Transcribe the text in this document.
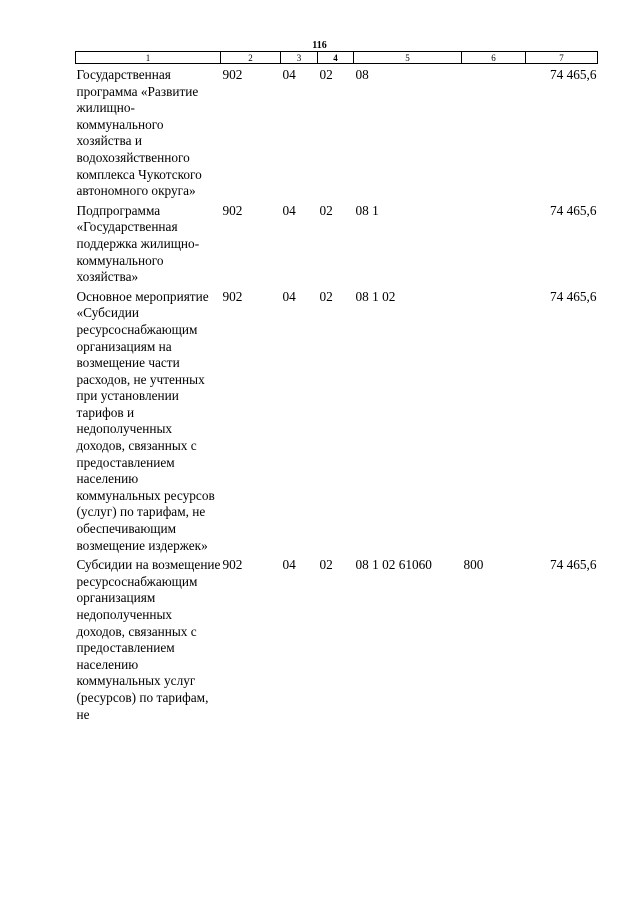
116
1	2	3	4	5	6	7
Государственная программа «Развитие жилищно-коммунального хозяйства и водохозяйственного комплекса Чукотского автономного округа»	902	04	02	08		74 465,6
Подпрограмма «Государственная поддержка жилищно-коммунального хозяйства»	902	04	02	08 1		74 465,6
Основное мероприятие «Субсидии ресурсоснабжающим организациям на возмещение части расходов, не учтенных при установлении тарифов и недополученных доходов, связанных с предоставлением населению коммунальных ресурсов (услуг) по тарифам, не обеспечивающим возмещение издержек»	902	04	02	08 1 02		74 465,6
Субсидии на возмещение ресурсоснабжающим организациям недополученных доходов, связанных с предоставлением населению коммунальных услуг (ресурсов) по тарифам, не	902	04	02	08 1 02 61060	800	74 465,6
